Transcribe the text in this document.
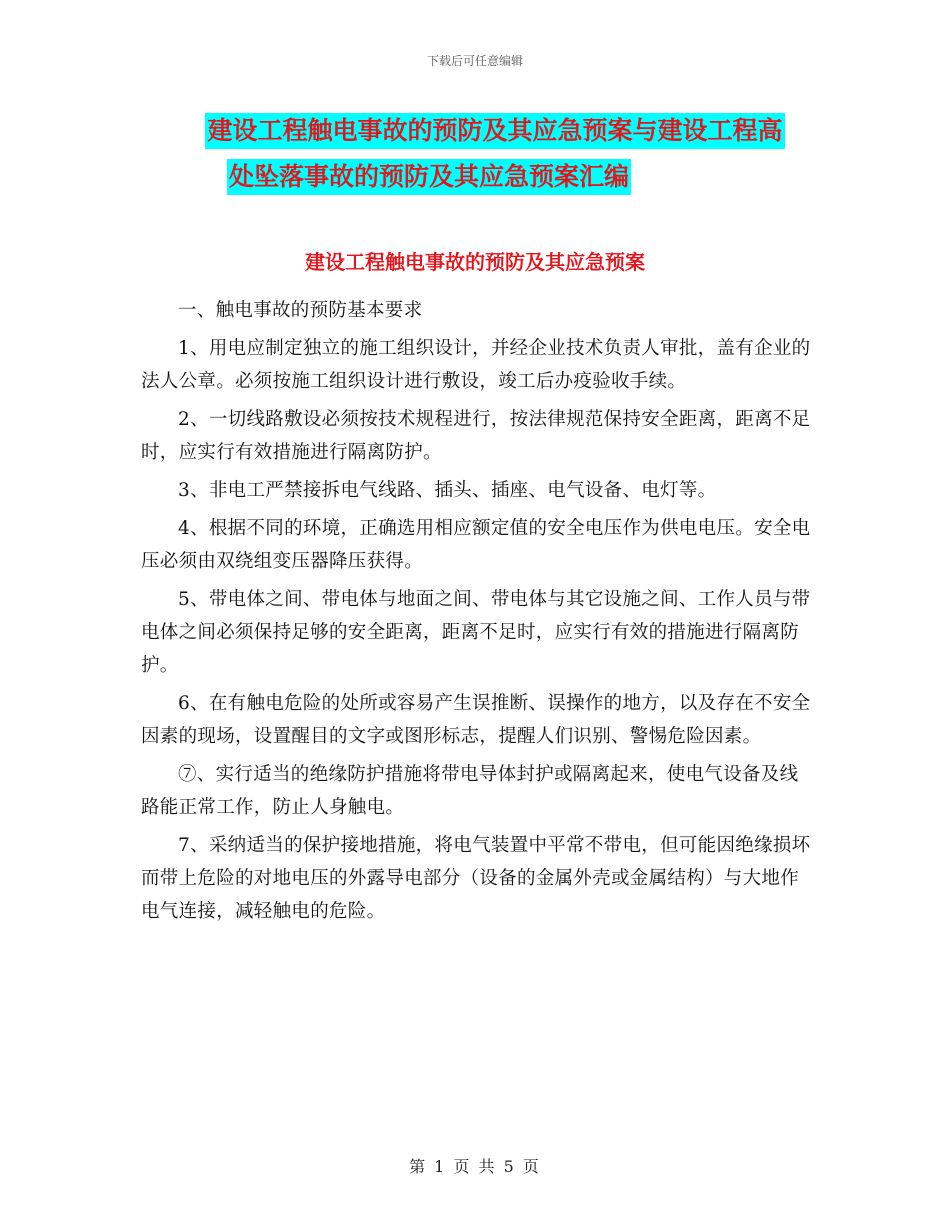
下载后可任意编辑
建设工程触电事故的预防及其应急预案与建设工程高
处坠落事故的预防及其应急预案汇编
建设工程触电事故的预防及其应急预案

一、触电事故的预防基本要求

1、用电应制定独立的施工组织设计，并经企业技术负责人审批，盖有企业的法人公章。必须按施工组织设计进行敷设，竣工后办疫验收手续。

2、一切线路敷设必须按技术规程进行，按法律规范保持安全距离，距离不足时，应实行有效措施进行隔离防护。

3、非电工严禁接拆电气线路、插头、插座、电气设备、电灯等。

4、根据不同的环境，正确选用相应额定值的安全电压作为供电电压。安全电压必须由双绕组变压器降压获得。

5、带电体之间、带电体与地面之间、带电体与其它设施之间、工作人员与带电体之间必须保持足够的安全距离，距离不足时，应实行有效的措施进行隔离防护。

6、在有触电危险的处所或容易产生误推断、误操作的地方，以及存在不安全因素的现场，设置醒目的文字或图形标志，提醒人们识别、警惕危险因素。

⑦、实行适当的绝缘防护措施将带电导体封护或隔离起来，使电气设备及线路能正常工作，防止人身触电。

7、采纳适当的保护接地措施，将电气装置中平常不带电，但可能因绝缘损坏而带上危险的对地电压的外露导电部分（设备的金属外壳或金属结构）与大地作电气连接，减轻触电的危险。

第 1 页 共 5 页
